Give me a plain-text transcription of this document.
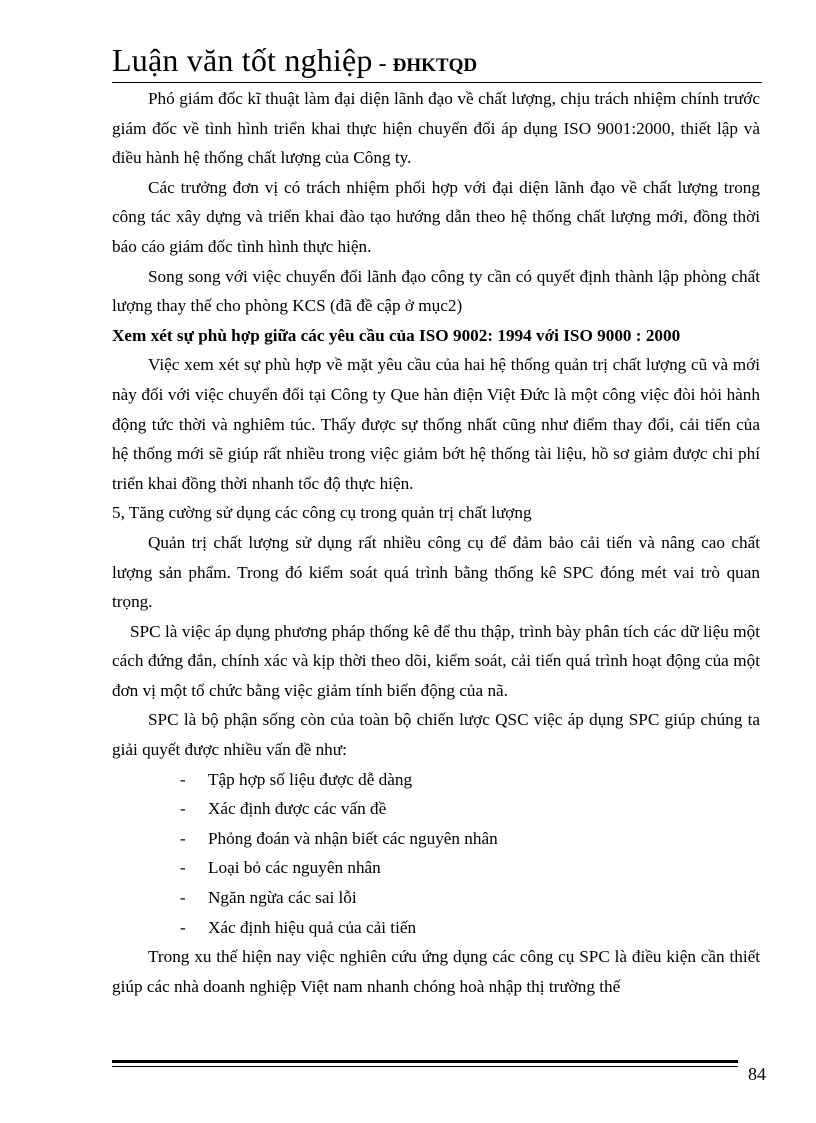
Luận văn tốt nghiệp - ĐHKTQD

Phó giám đốc kĩ thuật làm đại diện lãnh đạo về chất lượng, chịu trách nhiệm chính trước giám đốc về tình hình triển khai thực hiện chuyển đổi áp dụng ISO 9001:2000, thiết lập và điều hành hệ thống chất lượng của Công ty.

Các trưởng đơn vị có trách nhiệm phối hợp với đại diện lãnh đạo về chất lượng trong công tác xây dựng và triển khai đào tạo hướng dẫn theo hệ thống chất lượng mới, đồng thời báo cáo giám đốc tình hình thực hiện.

Song song với việc chuyển đổi lãnh đạo công ty cần có quyết định thành lập phòng chất lượng thay thế cho phòng KCS (đã đề cập ở mục2)

Xem xét sự phù hợp giữa các yêu cầu của ISO 9002: 1994 với ISO 9000 : 2000

Việc xem xét sự phù hợp về mặt yêu cầu của hai hệ thống quản trị chất lượng cũ và mới này đối với việc chuyển đổi tại Công ty Que hàn điện Việt Đức là một công việc đòi hỏi hành động tức thời và nghiêm túc. Thấy được sự thống nhất cũng như điểm thay đổi, cải tiến của hệ thống mới sẽ giúp rất nhiều trong việc giảm bớt hệ thống tài liệu, hồ sơ giảm được chi phí triển khai đồng thời nhanh tốc độ thực hiện.

5, Tăng cường sử dụng các công cụ trong quản trị chất lượng

Quản trị chất lượng sử dụng rất nhiều công cụ để đảm bảo cải tiến và nâng cao chất lượng sản phẩm. Trong đó kiểm soát quá trình bằng thống kê SPC đóng mét vai trò quan trọng.

SPC là việc áp dụng phương pháp thống kê để thu thập, trình bày phân tích các dữ liệu một cách đứng đắn, chính xác và kịp thời theo dõi, kiểm soát, cải tiến quá trình hoạt động của một đơn vị một tổ chức bằng việc giảm tính biến động của nã.

SPC là bộ phận sống còn của toàn bộ chiến lược QSC việc áp dụng SPC giúp chúng ta giải quyết được nhiều vấn đề như:

- Tập hợp số liệu được dễ dàng
- Xác định được các vấn đề
- Phỏng đoán và nhận biết các nguyên nhân
- Loại bỏ các nguyên nhân
- Ngăn ngừa các sai lỗi
- Xác định hiệu quả của cải tiến

Trong xu thế hiện nay việc nghiên cứu ứng dụng các công cụ SPC là điều kiện cần thiết giúp các nhà doanh nghiệp Việt nam nhanh chóng hoà nhập thị trường thế

84
